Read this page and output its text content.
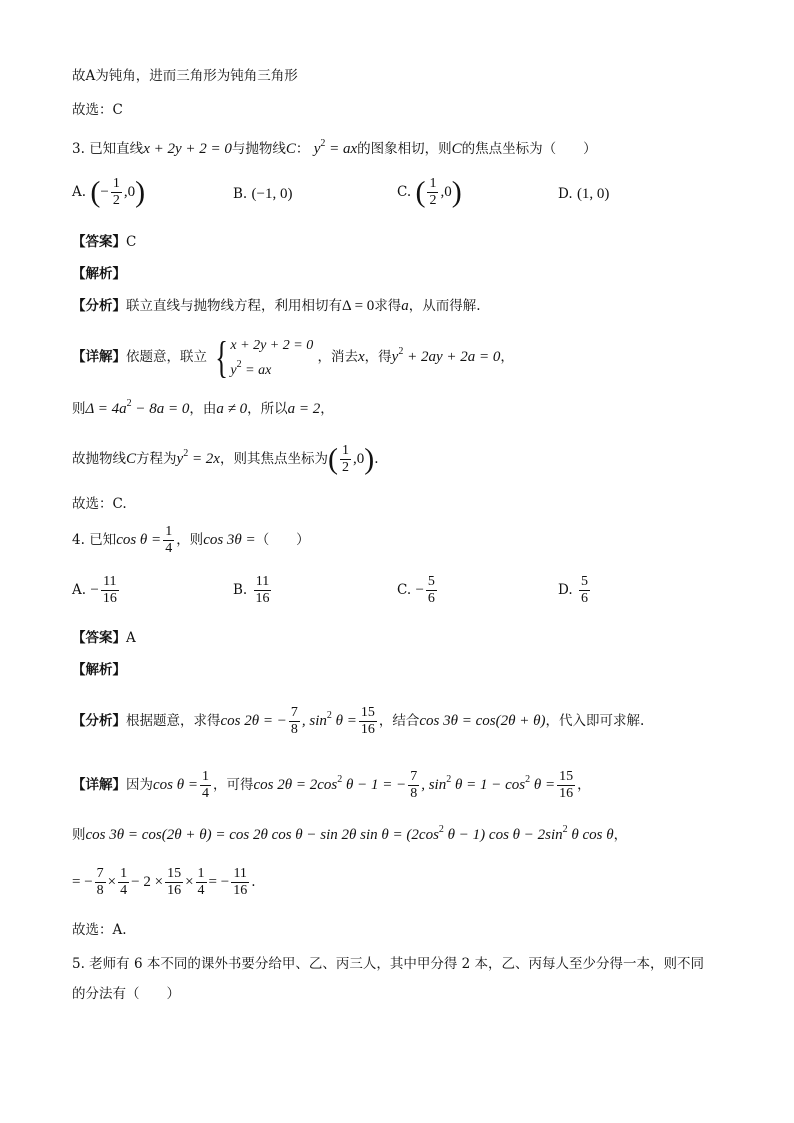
故A为钝角，进而三角形为钝角三角形
故选：C
3. 已知直线x + 2y + 2 = 0与抛物线C： $y^2$ = ax的图象相切，则C的焦点坐标为（　　）
A. (− $\frac{1}{2} ,0$)	B. (−1, 0)	C. ( $\frac{1}{2} ,0$)	D. (1, 0)
【答案】C
【解析】
【分析】联立直线与抛物线方程，利用相切有Δ = 0求得a，从而得解.
【详解】依题意，联立 { x + 2y + 2 = 0
$y^2$ = ax
，消去x，得$y^2 + 2ay + 2a = 0$，
则$\Delta = 4a^2 - 8a = 0$，由a ≠ 0，所以a = 2，
故抛物线C方程为$y^2 = 2x$，则其焦点坐标为( $\frac{1}{2} ,0$).
故选：C.
4. 已知$\cos \theta = \frac{1}{4}$ ，则cos 3θ =（　　）
A. − $\frac{11}{16}$	B. $\frac{11}{16}$	C. − $\frac{5}{6}$	D. $\frac{5}{6}$
【答案】A
【解析】
【分析】根据题意，求得cos 2θ = − $\frac{7}{8}$ , $\sin^2 \theta = \frac{15}{16}$ ，结合cos 3θ = cos(2θ + θ)，代入即可求解.
【详解】因为$\cos \theta = \frac{1}{4}$ ，可得$\cos 2\theta = 2\cos^2$ θ − 1 = − $\frac{7}{8}$ , $\sin^2 \theta = 1 - \cos^2 \theta = \frac{15}{16}$ ，
则cos 3θ = cos(2θ + θ) = cos 2θ cos θ − sin 2θ $\sin \theta = (2\cos^2$ θ − 1) $\cos \theta - 2\sin^2$ θ cos θ，
= − $\frac{7}{8} \times \frac{1}{4} - 2 \times \frac{15}{16} \times \frac{1}{4}$ = − $\frac{11}{16}$ .
故选：A.
5. 老师有 6 本不同的课外书要分给甲、乙、丙三人，其中甲分得 2 本，乙、丙每人至少分得一本，则不同
的分法有（　　）
